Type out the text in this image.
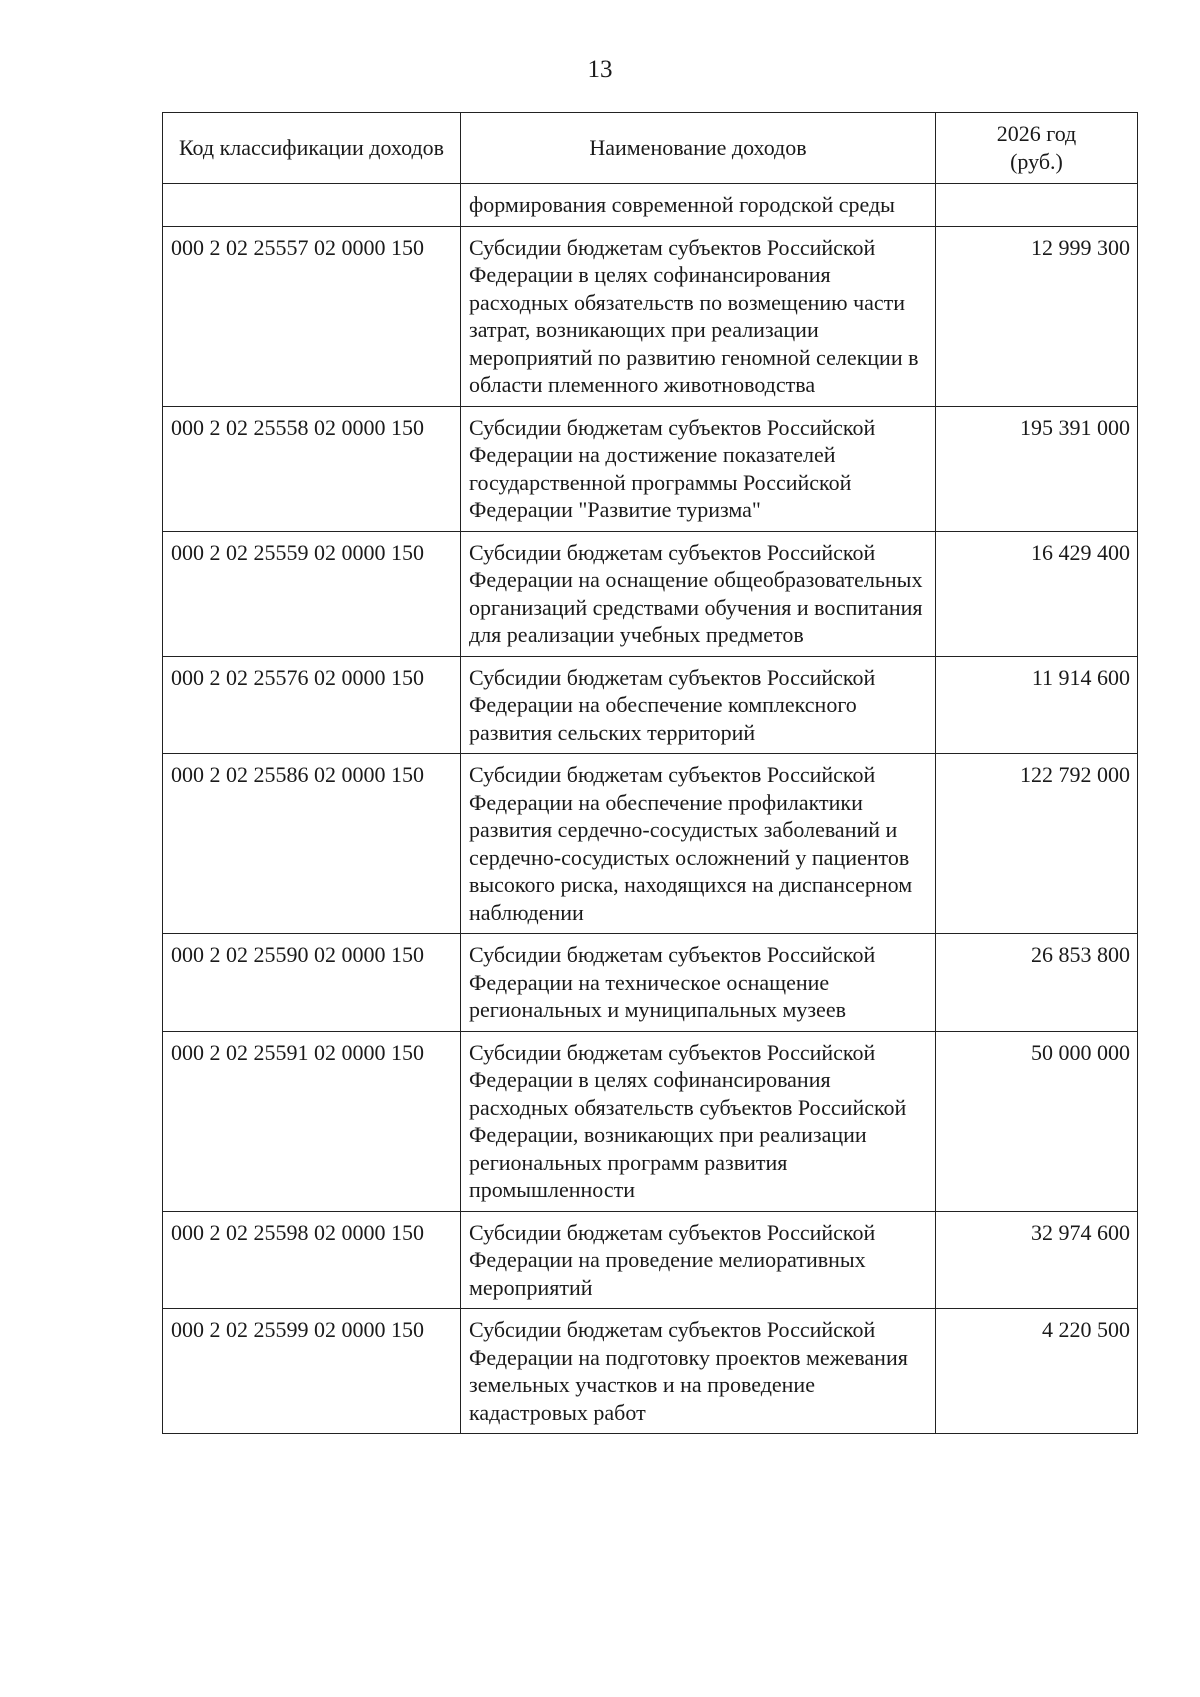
13
Код классификации доходов	Наименование доходов	2026 год
(руб.)

	формирования современной городской среды	
000 2 02 25557 02 0000 150	Субсидии бюджетам субъектов Российской Федерации в целях софинансирования расходных обязательств по возмещению части затрат, возникающих при реализации мероприятий по развитию геномной селекции в области племенного животноводства	12 999 300
000 2 02 25558 02 0000 150	Субсидии бюджетам субъектов Российской Федерации на достижение показателей государственной программы Российской Федерации "Развитие туризма"	195 391 000
000 2 02 25559 02 0000 150	Субсидии бюджетам субъектов Российской Федерации на оснащение общеобразовательных организаций средствами обучения и воспитания для реализации учебных предметов	16 429 400
000 2 02 25576 02 0000 150	Субсидии бюджетам субъектов Российской Федерации на обеспечение комплексного развития сельских территорий	11 914 600
000 2 02 25586 02 0000 150	Субсидии бюджетам субъектов Российской Федерации на обеспечение профилактики развития сердечно-сосудистых заболеваний и сердечно-сосудистых осложнений у пациентов высокого риска, находящихся на диспансерном наблюдении	122 792 000
000 2 02 25590 02 0000 150	Субсидии бюджетам субъектов Российской Федерации на техническое оснащение региональных и муниципальных музеев	26 853 800
000 2 02 25591 02 0000 150	Субсидии бюджетам субъектов Российской Федерации в целях софинансирования расходных обязательств субъектов Российской Федерации, возникающих при реализации региональных программ развития промышленности	50 000 000
000 2 02 25598 02 0000 150	Субсидии бюджетам субъектов Российской Федерации на проведение мелиоративных мероприятий	32 974 600
000 2 02 25599 02 0000 150	Субсидии бюджетам субъектов Российской Федерации на подготовку проектов межевания земельных участков и на проведение кадастровых работ	4 220 500
